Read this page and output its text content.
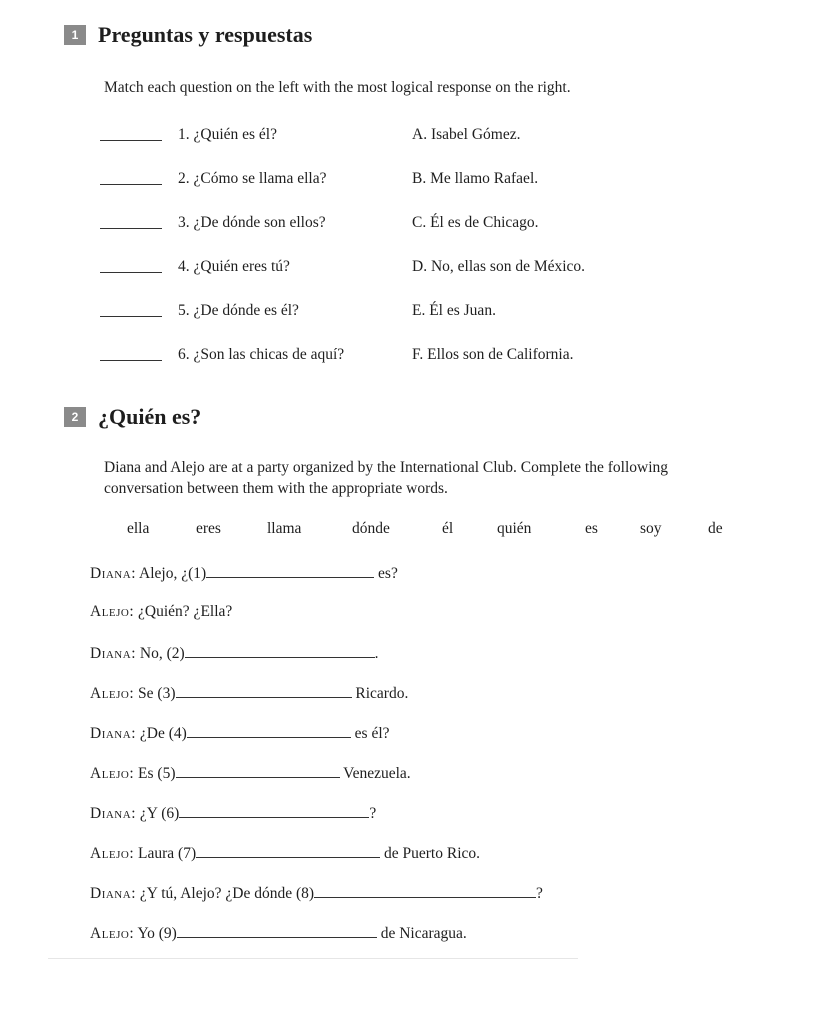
1 Preguntas y respuestas
Match each question on the left with the most logical response on the right.
1. ¿Quién es él?	A. Isabel Gómez.
2. ¿Cómo se llama ella?	B. Me llamo Rafael.
3. ¿De dónde son ellos?	C. Él es de Chicago.
4. ¿Quién eres tú?	D. No, ellas son de México.
5. ¿De dónde es él?	E. Él es Juan.
6. ¿Son las chicas de aquí?	F. Ellos son de California.
2 ¿Quién es?
Diana and Alejo are at a party organized by the International Club. Complete the following
conversation between them with the appropriate words.
ella	eres	llama	dónde	él	quién	es	soy	de
Diana: Alejo, ¿(1)	es?
Alejo: ¿Quién? ¿Ella?
Diana: No, (2)	.
Alejo: Se (3)	Ricardo.
Diana: ¿De (4)	es él?
Alejo: Es (5)	Venezuela.
Diana: ¿Y (6)	?
Alejo: Laura (7)	de Puerto Rico.
Diana: ¿Y tú, Alejo? ¿De dónde (8)	?
Alejo: Yo (9)	de Nicaragua.
